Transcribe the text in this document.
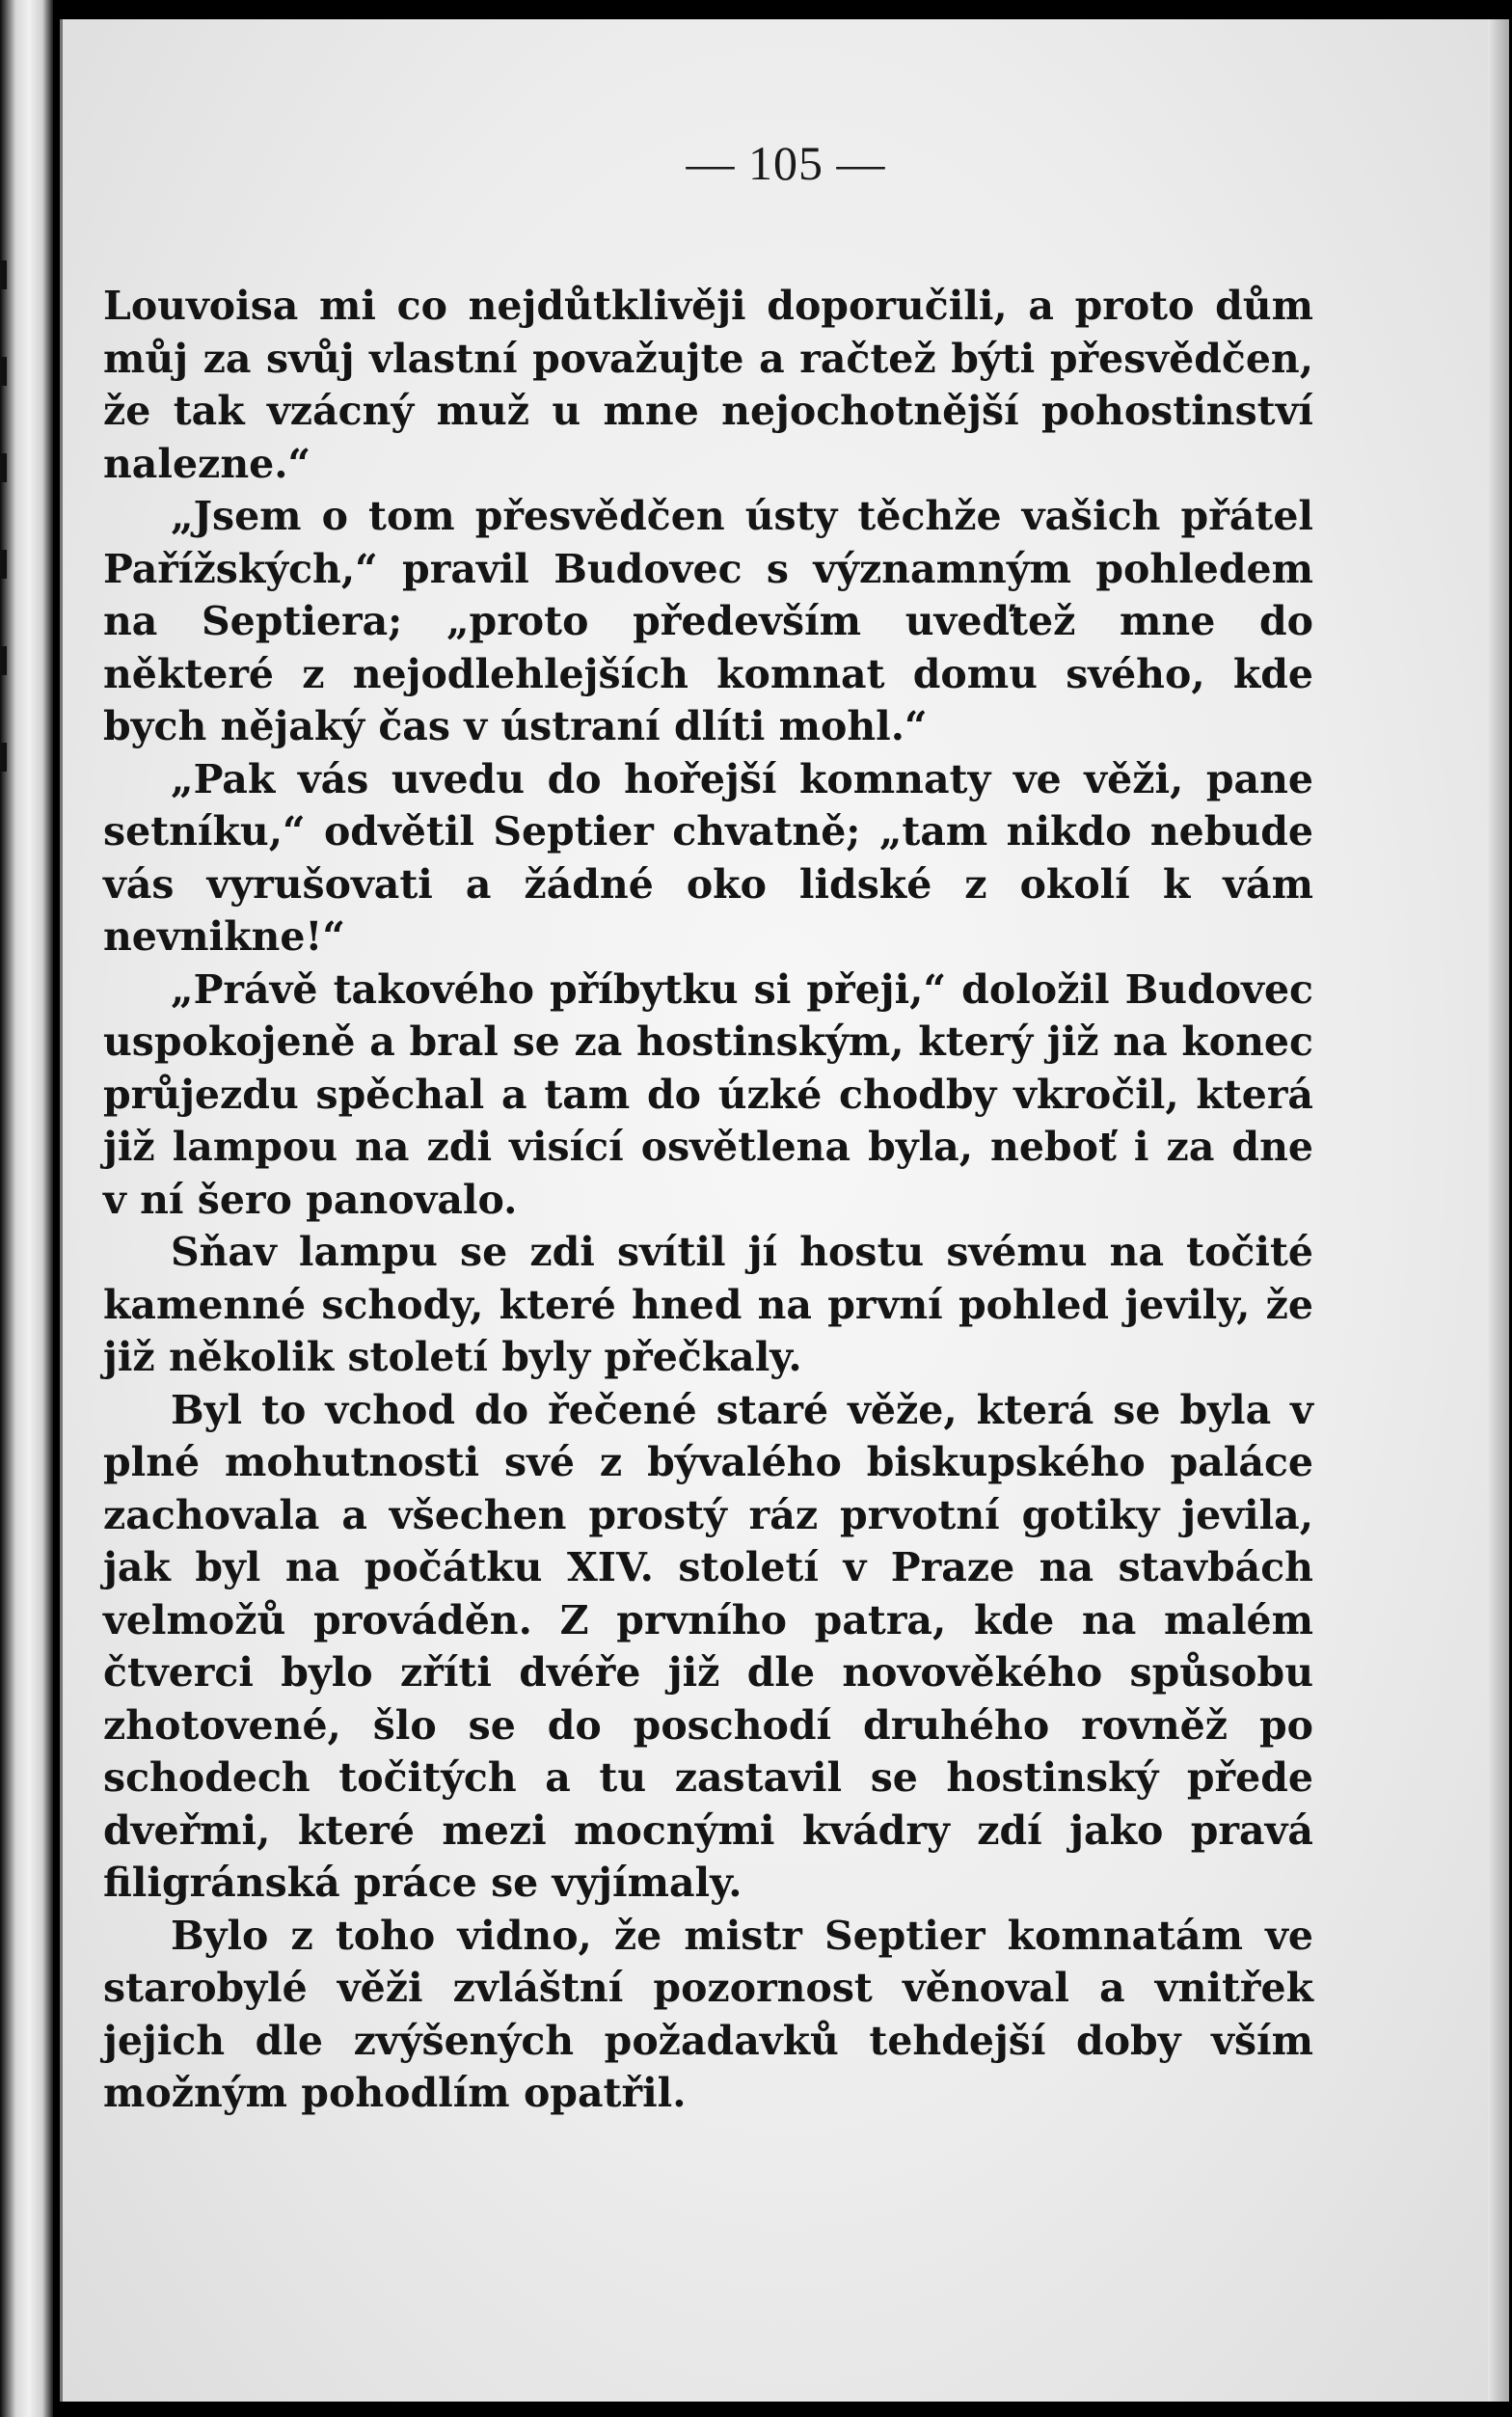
— 105 —

Louvoisa mi co nejdůtklivěji doporučili, a proto dům můj za svůj vlastní považujte a račtež býti přesvědčen, že tak vzácný muž u mne nejochotnější pohostinství nalezne.“

„Jsem o tom přesvědčen ústy těchže vašich přátel Pařížských,“ pravil Budovec s významným pohledem na Septiera; „proto především uveďtež mne do některé z nejodlehlejších komnat domu svého, kde bych nějaký čas v ústraní dlíti mohl.“

„Pak vás uvedu do hořejší komnaty ve věži, pane setníku,“ odvětil Septier chvatně; „tam nikdo nebude vás vyrušovati a žádné oko lidské z okolí k vám nevnikne!“

„Právě takového příbytku si přeji,“ doložil Budovec uspokojeně a bral se za hostinským, který již na konec průjezdu spěchal a tam do úzké chodby vkročil, která již lampou na zdi visící osvětlena byla, neboť i za dne v ní šero panovalo.

Sňav lampu se zdi svítil jí hostu svému na točité kamenné schody, které hned na první pohled jevily, že již několik století byly přečkaly.

Byl to vchod do řečené staré věže, která se byla v plné mohutnosti své z bývalého biskupského paláce zachovala a všechen prostý ráz prvotní gotiky jevila, jak byl na počátku XIV. století v Praze na stavbách velmožů prováděn. Z prvního patra, kde na malém čtverci bylo zříti dvéře již dle novověkého spůsobu zhotovené, šlo se do poschodí druhého rovněž po schodech točitých a tu zastavil se hostinský přede dveřmi, které mezi mocnými kvádry zdí jako pravá filigránská práce se vyjímaly.

Bylo z toho vidno, že mistr Septier komnatám ve starobylé věži zvláštní pozornost věnoval a vnitřek jejich dle zvýšených požadavků tehdejší doby vším možným pohodlím opatřil.
